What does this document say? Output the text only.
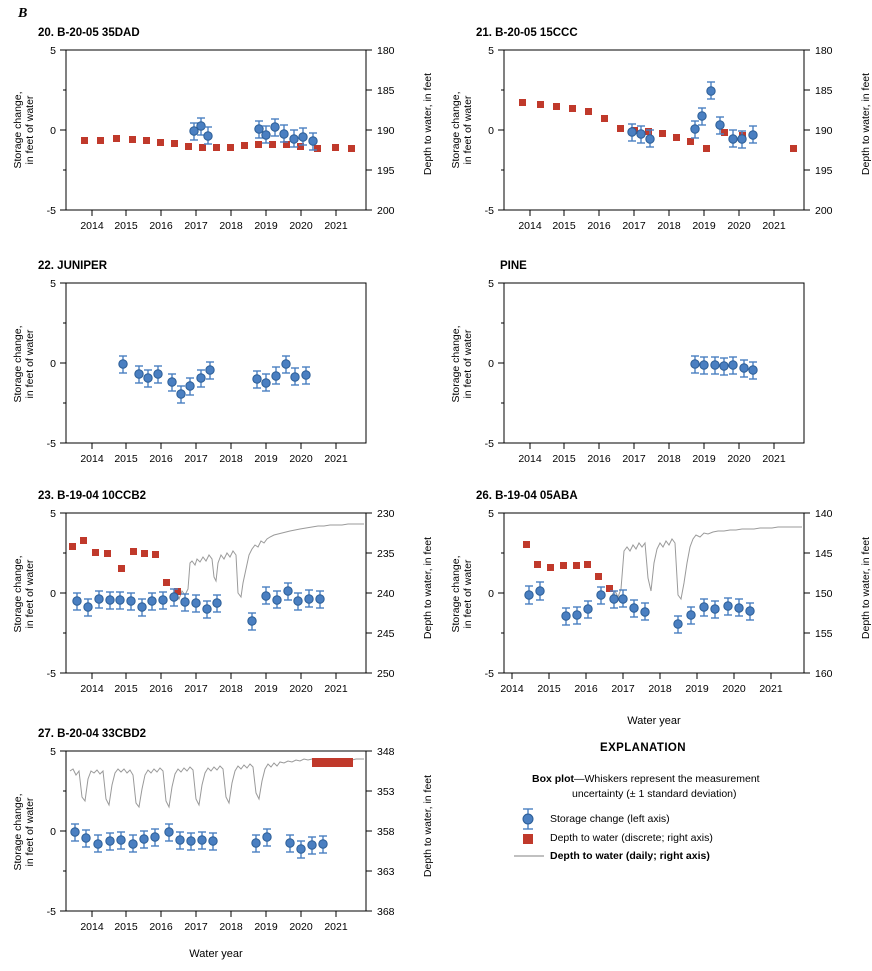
B
20. B-20-05 35DAD
5
0
-5
180
185
190
195
200
2014 2015 2016 2017 2018 2019 2020 2021
Storage change,
in feet of water	Depth to water, in feet
21. B-20-05 15CCC
5
0
-5
180
185
190
195
200
2014 2015 2016 2017 2018 2019 2020 2021
Storage change,
in feet of water	Depth to water, in feet
22. JUNIPER
5
0
-5
2014 2015 2016 2017 2018 2019 2020 2021
Storage change,
in feet of water
PINE
5
0
-5
2014 2015 2016 2017 2018 2019 2020 2021
Storage change,
in feet of water
23. B-19-04 10CCB2
5
0
-5
230
235
240
245
250
2014 2015 2016 2017 2018 2019 2020 2021
Storage change,
in feet of water	Depth to water, in feet
26. B-19-04 05ABA
5
0
-5
140
145
150
155
160
2014 2015 2016 2017 2018 2019 2020 2021
Storage change,
in feet of water	Depth to water, in feet
Water year
27. B-20-04 33CBD2
5
0
-5
348
353
358
363
368
2014 2015 2016 2017 2018 2019 2020 2021
Storage change,
in feet of water	Depth to water, in feet
Water year
EXPLANATION
Box plot—Whiskers represent the measurement
uncertainty (± 1 standard deviation)
Storage change (left axis)
Depth to water (discrete; right axis)
Depth to water (daily; right axis)
